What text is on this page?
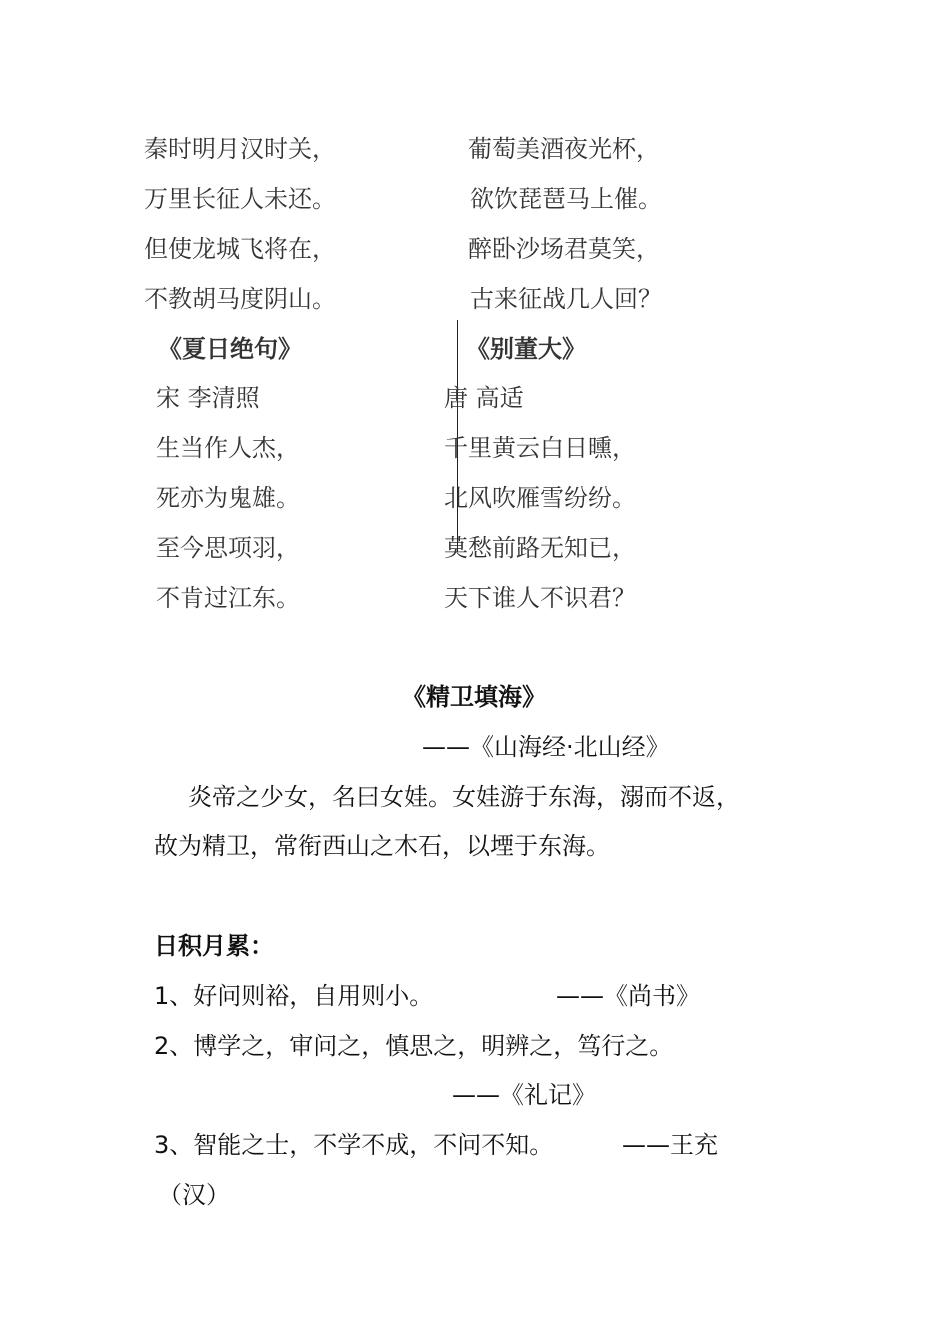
秦时明月汉时关，
万里长征人未还。
但使龙城飞将在，
不教胡马度阴山。
葡萄美酒夜光杯，
欲饮琵琶马上催。
醉卧沙场君莫笑，
古来征战几人回？
《夏日绝句》
宋 李清照
生当作人杰，
死亦为鬼雄。
至今思项羽，
不肯过江东。
《别董大》
唐 高适
千里黄云白日曛，
北风吹雁雪纷纷。
莫愁前路无知已，
天下谁人不识君？
《精卫填海》
——《山海经·北山经》
炎帝之少女，名曰女娃。女娃游于东海，溺而不返，
故为精卫，常衔西山之木石，以堙于东海。
日积月累：
1、好问则裕，自用则小。	——《尚书》
2、博学之，审问之，慎思之，明辨之，笃行之。
——《礼记》
3、智能之士，不学不成，不问不知。	——王充
（汉）
